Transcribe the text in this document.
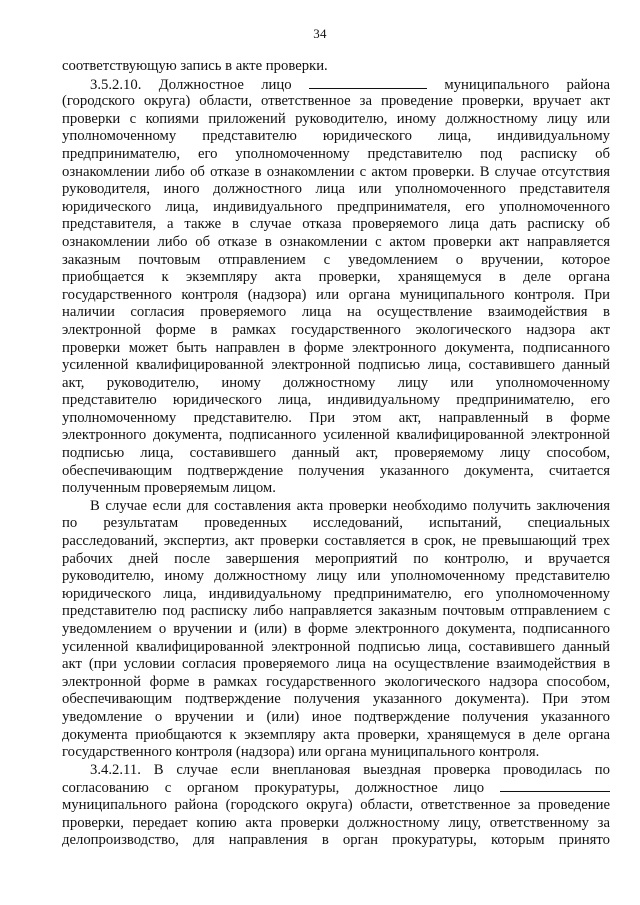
34
соответствующую запись в акте проверки.
3.5.2.10. Должностное лицо	муниципального района
(городского округа) области, ответственное за проведение проверки, вручает акт
проверки с копиями приложений руководителю, иному должностному лицу или
уполномоченному представителю юридического лица, индивидуальному
предпринимателю, его уполномоченному представителю под расписку об
ознакомлении либо об отказе в ознакомлении с актом проверки. В случае отсутствия
руководителя, иного должностного лица или уполномоченного представителя
юридического лица, индивидуального предпринимателя, его уполномоченного
представителя, а также в случае отказа проверяемого лица дать расписку об
ознакомлении либо об отказе в ознакомлении с актом проверки акт направляется
заказным почтовым отправлением с уведомлением о вручении, которое
приобщается к экземпляру акта проверки, хранящемуся в деле органа
государственного контроля (надзора) или органа муниципального контроля. При
наличии согласия проверяемого лица на осуществление взаимодействия в
электронной форме в рамках государственного экологического надзора акт
проверки может быть направлен в форме электронного документа, подписанного
усиленной квалифицированной электронной подписью лица, составившего данный
акт, руководителю, иному должностному лицу или уполномоченному
представителю юридического лица, индивидуальному предпринимателю, его
уполномоченному представителю. При этом акт, направленный в форме
электронного документа, подписанного усиленной квалифицированной электронной
подписью лица, составившего данный акт, проверяемому лицу способом,
обеспечивающим подтверждение получения указанного документа, считается
полученным проверяемым лицом.
В случае если для составления акта проверки необходимо получить заключения
по результатам проведенных исследований, испытаний, специальных
расследований, экспертиз, акт проверки составляется в срок, не превышающий трех
рабочих дней после завершения мероприятий по контролю, и вручается
руководителю, иному должностному лицу или уполномоченному представителю
юридического лица, индивидуальному предпринимателю, его уполномоченному
представителю под расписку либо направляется заказным почтовым отправлением с
уведомлением о вручении и (или) в форме электронного документа, подписанного
усиленной квалифицированной электронной подписью лица, составившего данный
акт (при условии согласия проверяемого лица на осуществление взаимодействия в
электронной форме в рамках государственного экологического надзора способом,
обеспечивающим подтверждение получения указанного документа). При этом
уведомление о вручении и (или) иное подтверждение получения указанного
документа приобщаются к экземпляру акта проверки, хранящемуся в деле органа
государственного контроля (надзора) или органа муниципального контроля.
3.4.2.11. В случае если внеплановая выездная проверка проводилась по
согласованию с органом прокуратуры, должностное лицо
муниципального района (городского округа) области, ответственное за проведение
проверки, передает копию акта проверки должностному лицу, ответственному за
делопроизводство, для направления в орган прокуратуры, которым принято
